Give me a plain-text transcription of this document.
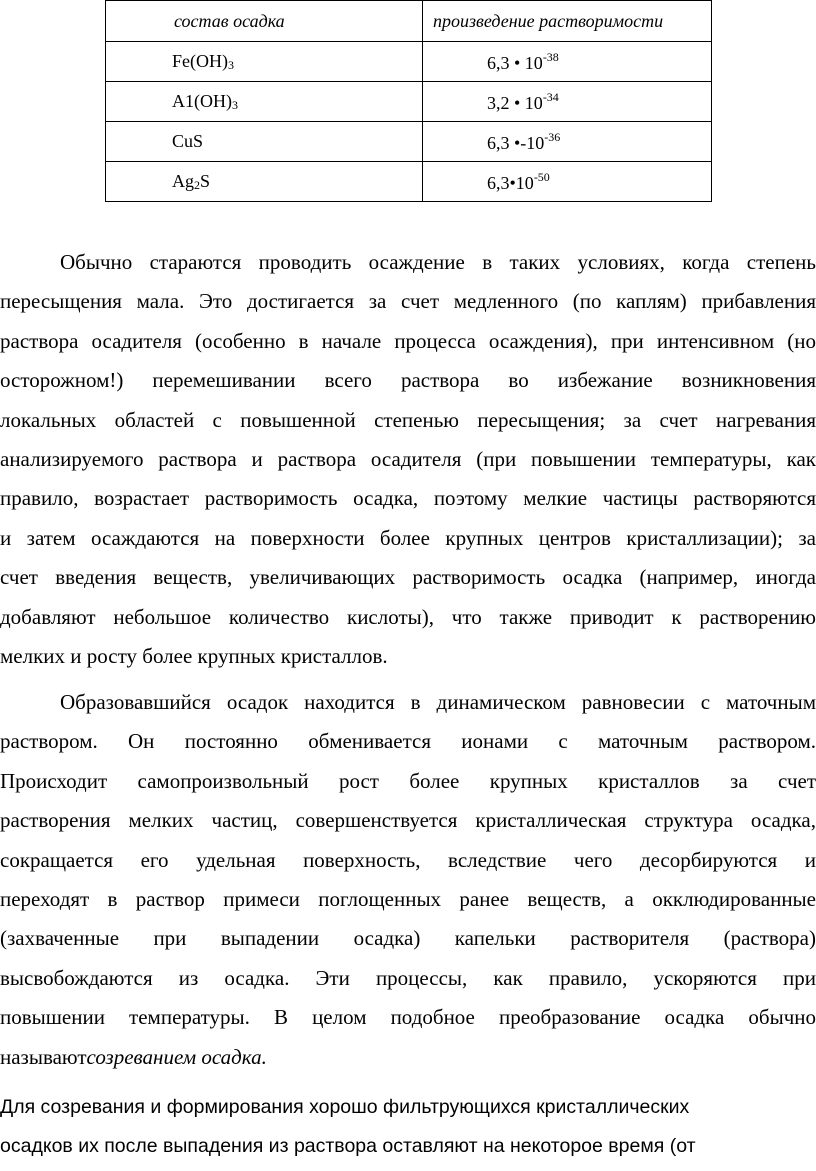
состав осадка	произведение растворимости
$Fe(OH)_3$	6,3 • $10^{-38}$
$A1(OH)_3$	3,2 • $10^{-34}$
CuS	6,3 $•-10^{-36}$
$Ag_2S$	$6,3•10^{-50}$
Обычно стараются проводить осаждение в таких условиях, когда степень
пересыщения мала. Это достигается за счет медленного (по каплям) прибавления
раствора осадителя (особенно в начале процесса осаждения), при интенсивном (но
осторожном!) перемешивании всего раствора во избежание возникновения
локальных областей с повышенной степенью пересыщения; за счет нагревания
анализируемого раствора и раствора осадителя (при повышении температуры, как
правило, возрастает растворимость осадка, поэтому мелкие частицы растворяются
и затем осаждаются на поверхности более крупных центров кристаллизации); за
счет введения веществ, увеличивающих растворимость осадка (например, иногда
добавляют небольшое количество кислоты), что также приводит к растворению
мелких и росту более крупных кристаллов.
Образовавшийся осадок находится в динамическом равновесии с маточным
раствором. Он постоянно обменивается ионами с маточным раствором.
Происходит самопроизвольный рост более крупных кристаллов за счет
растворения мелких частиц, совершенствуется кристаллическая структура осадка,
сокращается его удельная поверхность, вследствие чего десорбируются и
переходят в раствор примеси поглощенных ранее веществ, а окклюдированные
(захваченные при выпадении осадка) капельки растворителя (раствора)
высвобождаются из осадка. Эти процессы, как правило, ускоряются при
повышении температуры. В целом подобное преобразование осадка обычно
называютсозреванием осадка.
Для созревания и формирования хорошо фильтрующихся кристаллических
осадков их после выпадения из раствора оставляют на некоторое время (от
